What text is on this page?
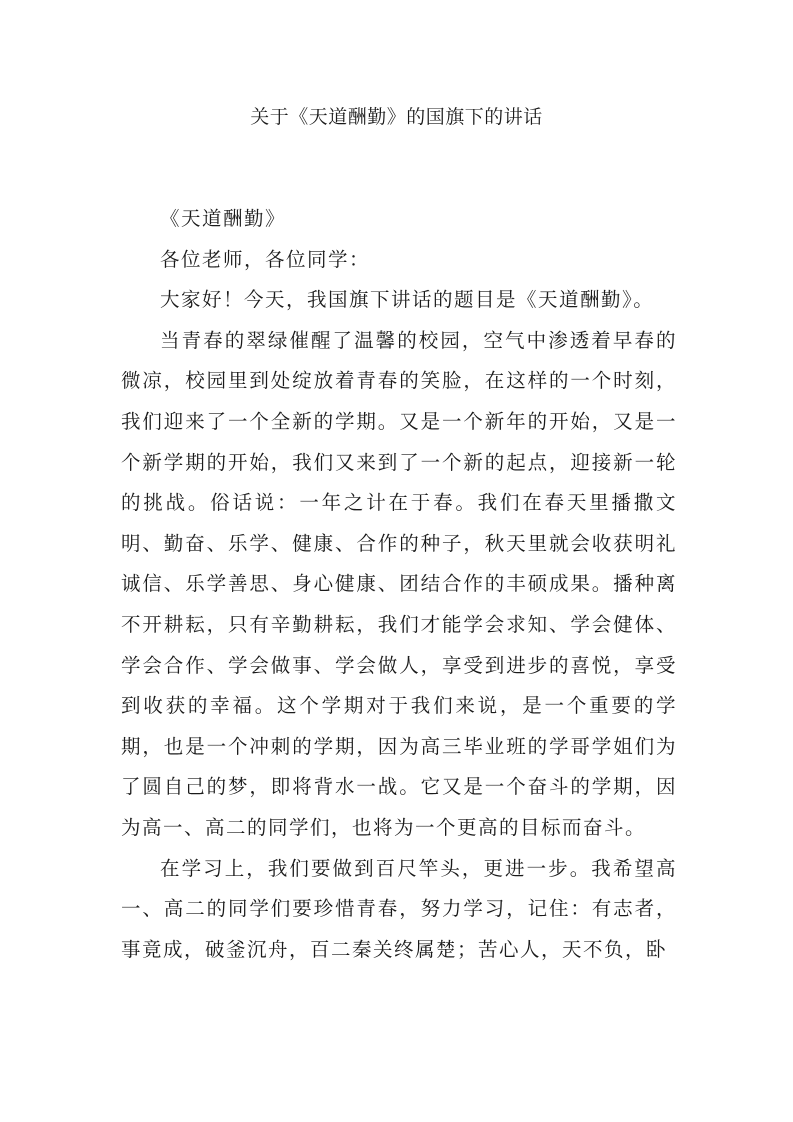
关于《天道酬勤》的国旗下的讲话

《天道酬勤》

各位老师，各位同学：

大家好！今天，我国旗下讲话的题目是《天道酬勤》。

当青春的翠绿催醒了温馨的校园，空气中渗透着早春的微凉，校园里到处绽放着青春的笑脸，在这样的一个时刻，我们迎来了一个全新的学期。又是一个新年的开始，又是一个新学期的开始，我们又来到了一个新的起点，迎接新一轮的挑战。俗话说：一年之计在于春。我们在春天里播撒文明、勤奋、乐学、健康、合作的种子，秋天里就会收获明礼诚信、乐学善思、身心健康、团结合作的丰硕成果。播种离不开耕耘，只有辛勤耕耘，我们才能学会求知、学会健体、学会合作、学会做事、学会做人，享受到进步的喜悦，享受到收获的幸福。这个学期对于我们来说，是一个重要的学期，也是一个冲刺的学期，因为高三毕业班的学哥学姐们为了圆自己的梦，即将背水一战。它又是一个奋斗的学期，因为高一、高二的同学们，也将为一个更高的目标而奋斗。

在学习上，我们要做到百尺竿头，更进一步。我希望高一、高二的同学们要珍惜青春，努力学习，记住：有志者，事竟成，破釜沉舟，百二秦关终属楚；苦心人，天不负，卧
